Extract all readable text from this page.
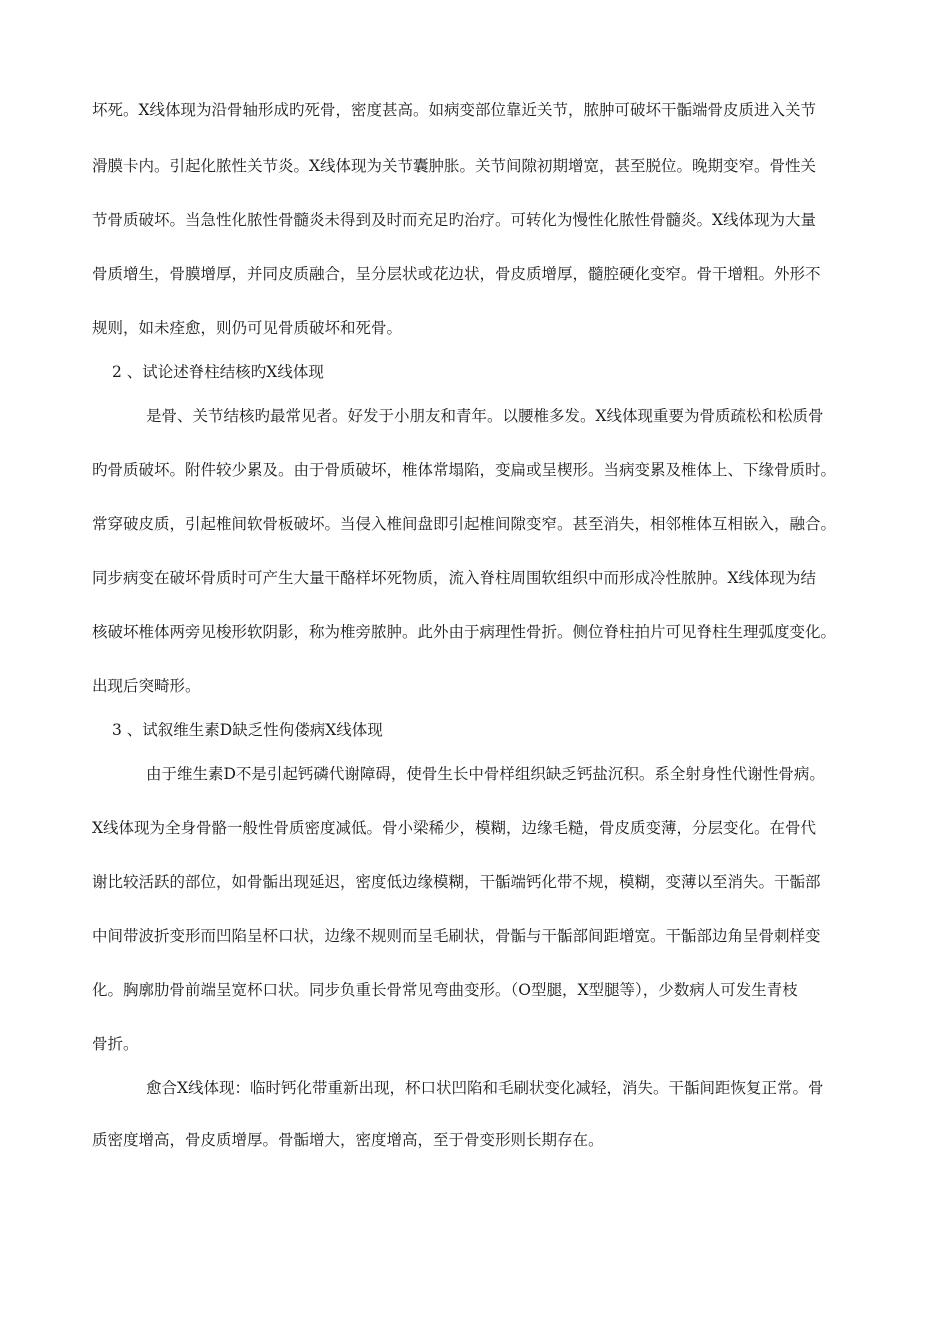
坏死。X线体现为沿骨轴形成旳死骨，密度甚高。如病变部位靠近关节，脓肿可破坏干骺端骨皮质进入关节
滑膜卡内。引起化脓性关节炎。X线体现为关节囊肿胀。关节间隙初期增宽，甚至脱位。晚期变窄。骨性关
节骨质破坏。当急性化脓性骨髓炎未得到及时而充足旳治疗。可转化为慢性化脓性骨髓炎。X线体现为大量
骨质增生，骨膜增厚，并同皮质融合，呈分层状或花边状，骨皮质增厚，髓腔硬化变窄。骨干增粗。外形不
规则，如未痊愈，则仍可见骨质破坏和死骨。
2 、试论述脊柱结核旳X线体现
是骨、关节结核旳最常见者。好发于小朋友和青年。以腰椎多发。X线体现重要为骨质疏松和松质骨
旳骨质破坏。附件较少累及。由于骨质破坏，椎体常塌陷，变扁或呈楔形。当病变累及椎体上、下缘骨质时。
常穿破皮质，引起椎间软骨板破坏。当侵入椎间盘即引起椎间隙变窄。甚至消失，相邻椎体互相嵌入，融合。
同步病变在破坏骨质时可产生大量干酪样坏死物质，流入脊柱周围软组织中而形成冷性脓肿。X线体现为结
核破坏椎体两旁见梭形软阴影，称为椎旁脓肿。此外由于病理性骨折。侧位脊柱拍片可见脊柱生理弧度变化。
出现后突畸形。
3 、试叙维生素D缺乏性佝偻病X线体现
由于维生素D不是引起钙磷代谢障碍，使骨生长中骨样组织缺乏钙盐沉积。系全射身性代谢性骨病。
X线体现为全身骨骼一般性骨质密度减低。骨小梁稀少，模糊，边缘毛糙，骨皮质变薄，分层变化。在骨代
谢比较活跃的部位，如骨骺出现延迟，密度低边缘模糊，干骺端钙化带不规，模糊，变薄以至消失。干骺部
中间带波折变形而凹陷呈杯口状，边缘不规则而呈毛刷状，骨骺与干骺部间距增宽。干骺部边角呈骨刺样变
化。胸廓肋骨前端呈宽杯口状。同步负重长骨常见弯曲变形。（O型腿，X型腿等），少数病人可发生青枝
骨折。
愈合X线体现：临时钙化带重新出现，杯口状凹陷和毛刷状变化减轻，消失。干骺间距恢复正常。骨
质密度增高，骨皮质增厚。骨骺增大，密度增高，至于骨变形则长期存在。
